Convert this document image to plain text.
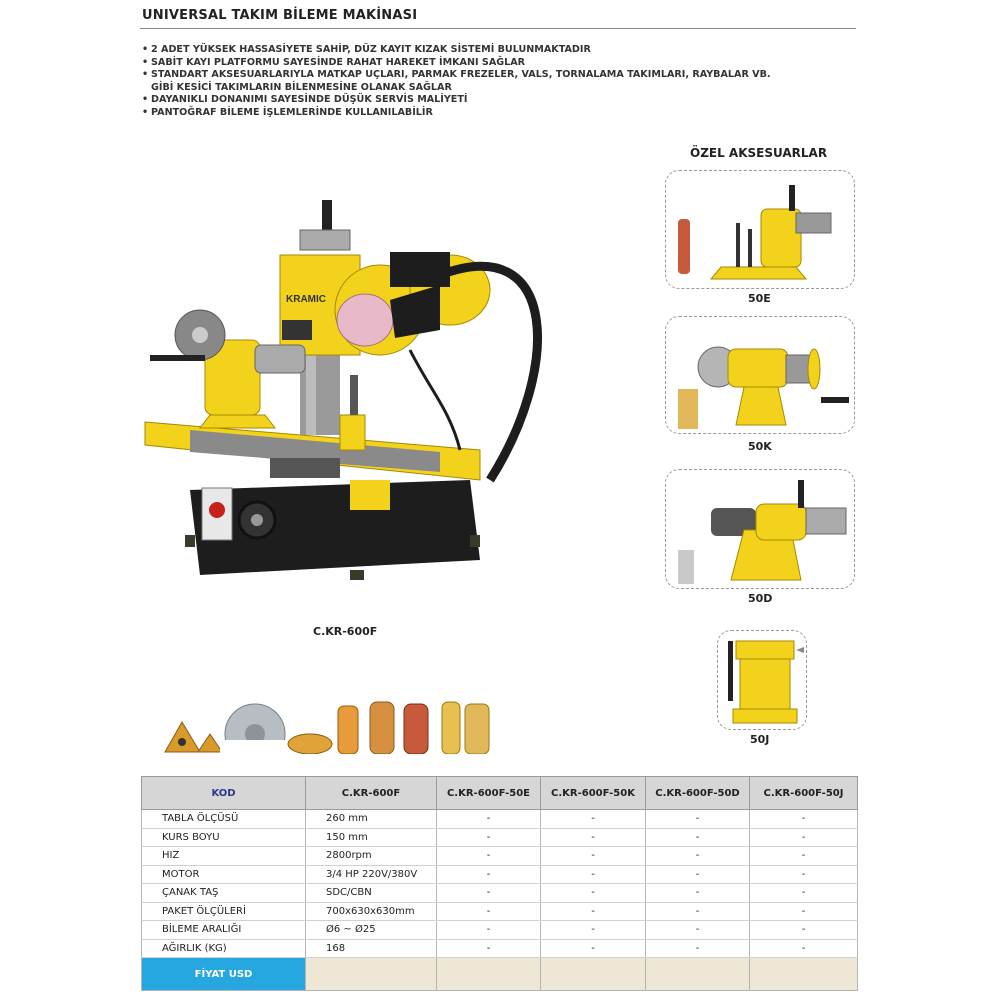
UNIVERSAL TAKIM BİLEME MAKİNASI
• 2 ADET YÜKSEK HASSASİYETE SAHİP, DÜZ KAYIT KIZAK SİSTEMİ BULUNMAKTADIR
• SABİT KAYI PLATFORMU SAYESİNDE RAHAT HAREKET İMKANI SAĞLAR
• STANDART AKSESUARLARIYLA MATKAP UÇLARI, PARMAK FREZELER, VALS, TORNALAMA TAKIMLARI, RAYBALAR VB. GİBİ KESİCİ TAKIMLARIN BİLENMESİNE OLANAK SAĞLAR
• DAYANIKLI DONANIMI SAYESİNDE DÜŞÜK SERVİS MALİYETİ
• PANTOĞRAF BİLEME İŞLEMLERİNDE KULLANILABİLİR
KRAMIC
C.KR-600F
ÖZEL AKSESUARLAR
50E
50K
50D
50J
KOD	C.KR-600F	C.KR-600F-50E	C.KR-600F-50K	C.KR-600F-50D	C.KR-600F-50J
TABLA ÖLÇÜSÜ	260 mm	-	-	-	-
KURS BOYU	150 mm	-	-	-	-
HIZ	2800rpm	-	-	-	-
MOTOR	3/4 HP 220V/380V	-	-	-	-
ÇANAK TAŞ	SDC/CBN	-	-	-	-
PAKET ÖLÇÜLERİ	700x630x630mm	-	-	-	-
BİLEME ARALIĞI	Ø6 ~ Ø25	-	-	-	-
AĞIRLIK (KG)	168	-	-	-	-
FİYAT USD					
